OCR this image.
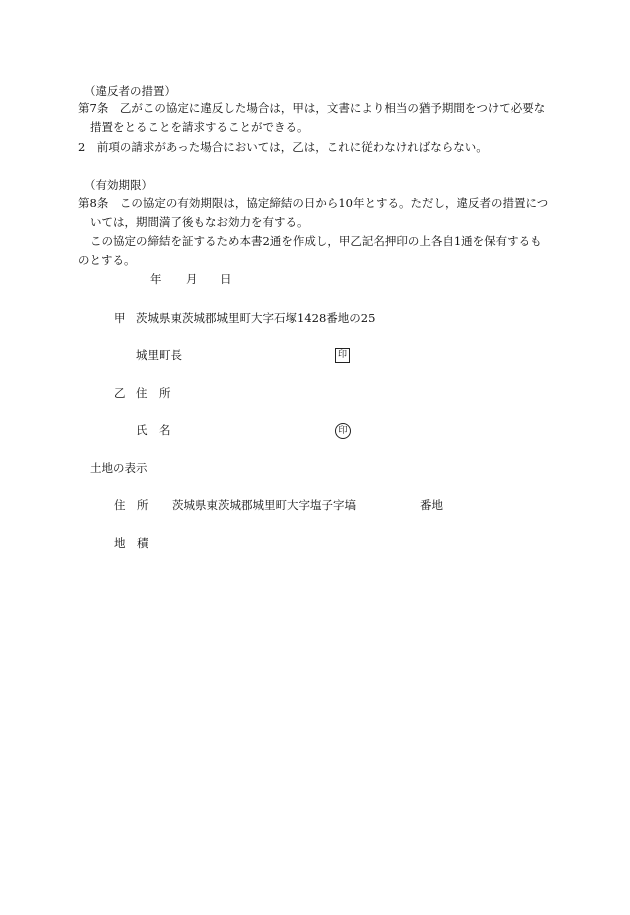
（違反者の措置）
第7条　乙がこの協定に違反した場合は，甲は，文書により相当の猶予期間をつけて必要な
措置をとることを請求することができる。
2　前項の請求があった場合においては，乙は，これに従わなければならない。
（有効期限）
第8条　この協定の有効期限は，協定締結の日から10年とする。ただし，違反者の措置につ
いては，期間満了後もなお効力を有する。
この協定の締結を証するため本書2通を作成し，甲乙記名押印の上各自1通を保有するも
のとする。
年 月 日
甲 茨城県東茨城郡城里町大字石塚1428番地の25
城里町長	印
乙 住　所
氏　名	印
土地の表示
住　所 茨城県東茨城郡城里町大字塩子字塙	番地
地　積
